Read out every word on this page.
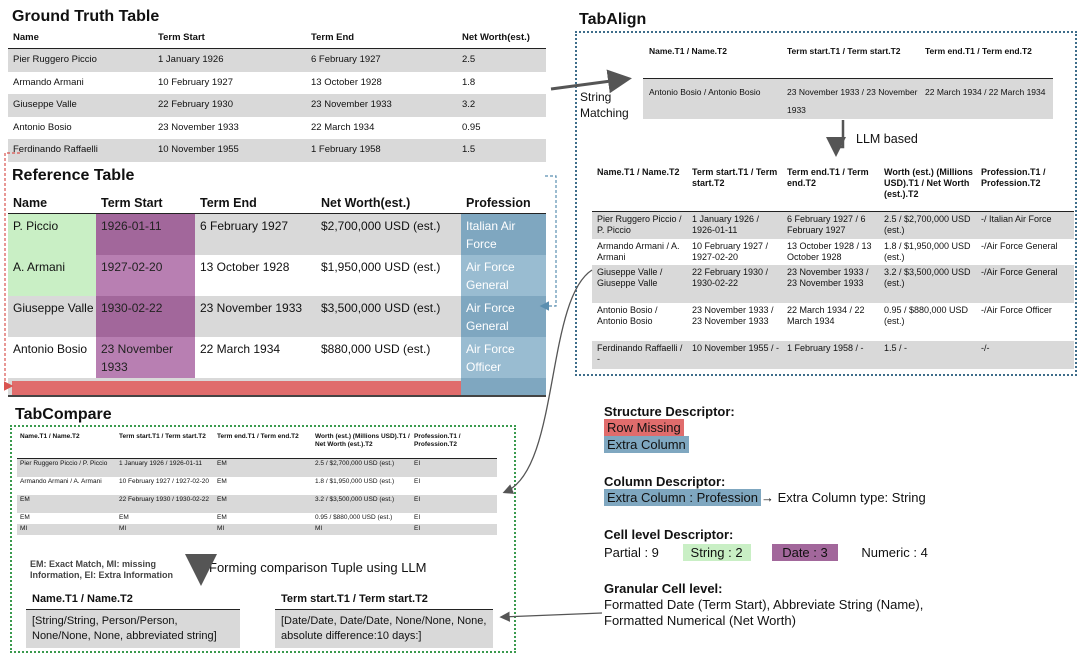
Ground Truth Table
Name	Term Start	Term End	Net Worth(est.)
Pier Ruggero Piccio	1 January 1926	6 February 1927	2.5
Armando Armani	10 February 1927	13 October 1928	1.8
Giuseppe Valle	22 February 1930	23 November 1933	3.2
Antonio Bosio	23 November 1933	22 March 1934	0.95
Ferdinando Raffaelli	10 November 1955	1 February 1958	1.5
Reference Table
Name	Term Start	Term End	Net Worth(est.)	Profession
P. Piccio	1926-01-11	6 February 1927	$2,700,000 USD (est.)	Italian Air Force
A. Armani	1927-02-20	13 October 1928	$1,950,000 USD (est.)	Air Force General
Giuseppe Valle	1930-02-22	23 November 1933	$3,500,000 USD (est.)	Air Force General
Antonio Bosio	23 November 1933	22 March 1934	$880,000 USD (est.)	Air Force Officer

TabAlign
String Matching
Name.T1 / Name.T2	Term start.T1 / Term start.T2	Term end.T1 / Term end.T2
Antonio Bosio / Antonio Bosio	23 November 1933 / 23 November 1933	22 March 1934 / 22 March 1934
LLM based
Name.T1 / Name.T2	Term start.T1 / Term start.T2	Term end.T1 / Term end.T2	Worth (est.) (Millions USD).T1 / Net Worth (est.).T2	Profession.T1 / Profession.T2
Pier Ruggero Piccio / P. Piccio	1 January 1926 / 1926-01-11	6 February 1927 / 6 February 1927	2.5 / $2,700,000 USD (est.)	-/ Italian Air Force
Armando Armani / A. Armani	10 February 1927 / 1927-02-20	13 October 1928 / 13 October 1928	1.8 / $1,950,000 USD (est.)	-/Air Force General
Giuseppe Valle / Giuseppe Valle	22 February 1930 / 1930-02-22	23 November 1933 / 23 November 1933	3.2 / $3,500,000 USD (est.)	-/Air Force General
Antonio Bosio / Antonio Bosio	23 November 1933 / 23 November 1933	22 March 1934 / 22 March 1934	0.95 / $880,000 USD (est.)	-/Air Force Officer
Ferdinando Raffaelli / -	10 November 1955 / -	1 February 1958 / -	1.5 / -	-/-
TabCompare
Name.T1 / Name.T2	Term start.T1 / Term start.T2	Term end.T1 / Term end.T2	Worth (est.) (Millions USD).T1 / Net Worth (est.).T2	Profession.T1 / Profession.T2
Pier Ruggero Piccio / P. Piccio	1 January 1926 / 1926-01-11	EM	2.5 / $2,700,000 USD (est.)	EI
Armando Armani / A. Armani	10 February 1927 / 1927-02-20	EM	1.8 / $1,950,000 USD (est.)	EI
EM	22 February 1930 / 1930-02-22	EM	3.2 / $3,500,000 USD (est.)	EI
EM	EM	EM	0.95 / $880,000 USD (est.)	EI
MI	MI	MI	MI	EI
EM: Exact Match, MI: missing Information, EI: Extra Information	Forming comparison Tuple using LLM
Name.T1 / Name.T2
[String/String, Person/Person, None/None, None, abbreviated string]
Term start.T1 / Term start.T2
[Date/Date, Date/Date, None/None, None, absolute difference:10 days:]
Structure Descriptor:
Row Missing
Extra Column
Column Descriptor:
Extra Column : Profession → Extra Column type: String
Cell level Descriptor:
Partial : 9 String : 2	Date : 3	Numeric : 4
Granular Cell level:
Formatted Date (Term Start), Abbreviate String (Name),
Formatted Numerical (Net Worth)
